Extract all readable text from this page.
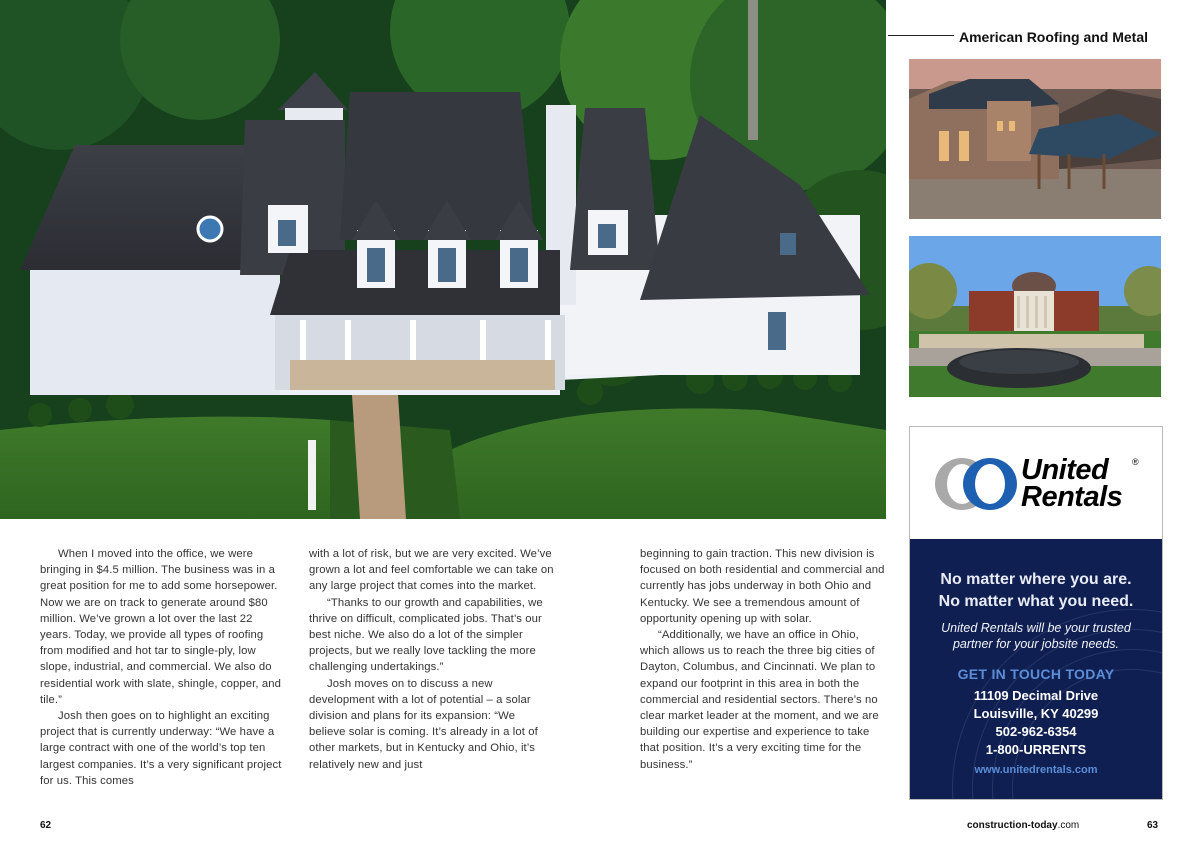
American Roofing and Metal
United
Rentals
®
No matter where you are.
No matter what you need.
United Rentals will be your trusted
partner for your jobsite needs.
GET IN TOUCH TODAY
11109 Decimal Drive
Louisville, KY 40299
502-962-6354
1-800-URRENTS
www.unitedrentals.com

When I moved into the office, we were bringing in $4.5 million. The business was in a great position for me to add some horsepower. Now we are on track to generate around $80 million. We’ve grown a lot over the last 22 years. Today, we provide all types of roofing from modified and hot tar to single-ply, low slope, industrial, and commercial. We also do residential work with slate, shingle, copper, and tile.”

Josh then goes on to highlight an exciting project that is currently underway: “We have a large contract with one of the world’s top ten largest companies. It’s a very significant project for us. This comes

with a lot of risk, but we are very excited. We’ve grown a lot and feel comfortable we can take on any large project that comes into the market.

“Thanks to our growth and capabilities, we thrive on difficult, complicated jobs. That’s our best niche. We also do a lot of the simpler projects, but we really love tackling the more challenging undertakings.”

Josh moves on to discuss a new development with a lot of potential – a solar division and plans for its expansion: “We believe solar is coming. It’s already in a lot of other markets, but in Kentucky and Ohio, it’s relatively new and just

beginning to gain traction. This new division is focused on both residential and commercial and currently has jobs underway in both Ohio and Kentucky. We see a tremendous amount of opportunity opening up with solar.

“Additionally, we have an office in Ohio, which allows us to reach the three big cities of Dayton, Columbus, and Cincinnati. We plan to expand our footprint in this area in both the commercial and residential sectors. There’s no clear market leader at the moment, and we are building our expertise and experience to take that position. It’s a very exciting time for the business.”

62	construction-today.com	63
